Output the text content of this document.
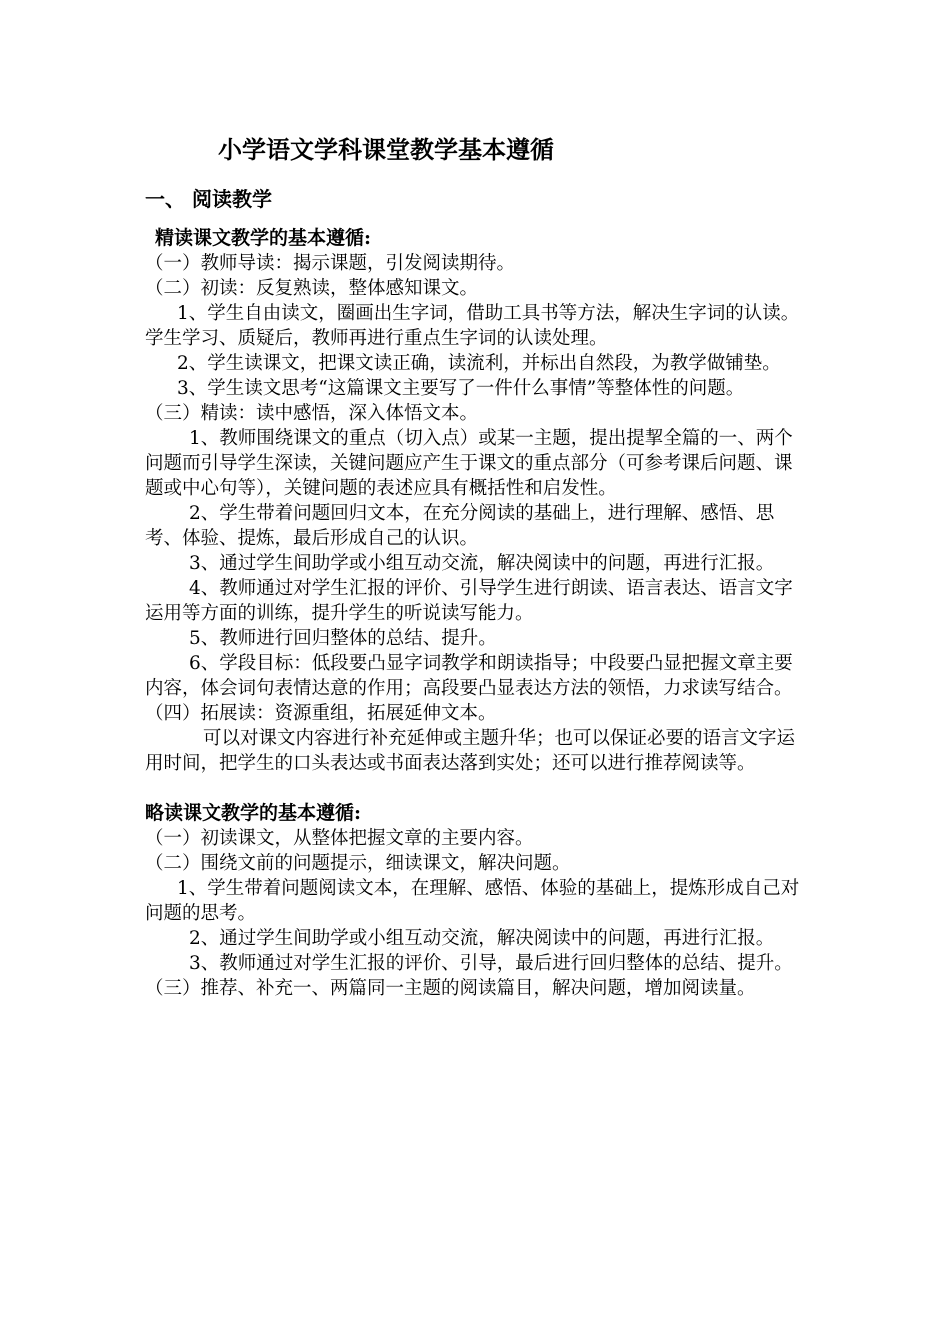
小学语文学科课堂教学基本遵循
一、 阅读教学

精读课文教学的基本遵循:

（一）教师导读：揭示课题，引发阅读期待。

（二）初读：反复熟读，整体感知课文。

1、学生自由读文，圈画出生字词，借助工具书等方法，解决生字词的认读。学生学习、质疑后，教师再进行重点生字词的认读处理。

2、学生读课文，把课文读正确，读流利，并标出自然段，为教学做铺垫。

3、学生读文思考“这篇课文主要写了一件什么事情”等整体性的问题。

（三）精读：读中感悟，深入体悟文本。

1、教师围绕课文的重点（切入点）或某一主题，提出提挈全篇的一、两个问题而引导学生深读，关键问题应产生于课文的重点部分（可参考课后问题、课题或中心句等），关键问题的表述应具有概括性和启发性。

2、学生带着问题回归文本，在充分阅读的基础上，进行理解、感悟、思考、体验、提炼，最后形成自己的认识。

3、通过学生间助学或小组互动交流，解决阅读中的问题，再进行汇报。

4、教师通过对学生汇报的评价、引导学生进行朗读、语言表达、语言文字运用等方面的训练，提升学生的听说读写能力。

5、教师进行回归整体的总结、提升。

6、学段目标：低段要凸显字词教学和朗读指导；中段要凸显把握文章主要内容，体会词句表情达意的作用；高段要凸显表达方法的领悟，力求读写结合。

（四）拓展读：资源重组，拓展延伸文本。

可以对课文内容进行补充延伸或主题升华；也可以保证必要的语言文字运用时间，把学生的口头表达或书面表达落到实处；还可以进行推荐阅读等。

略读课文教学的基本遵循:

（一）初读课文，从整体把握文章的主要内容。

（二）围绕文前的问题提示，细读课文，解决问题。

1、学生带着问题阅读文本，在理解、感悟、体验的基础上，提炼形成自己对问题的思考。

2、通过学生间助学或小组互动交流，解决阅读中的问题，再进行汇报。

3、教师通过对学生汇报的评价、引导，最后进行回归整体的总结、提升。

（三）推荐、补充一、两篇同一主题的阅读篇目，解决问题，增加阅读量。
